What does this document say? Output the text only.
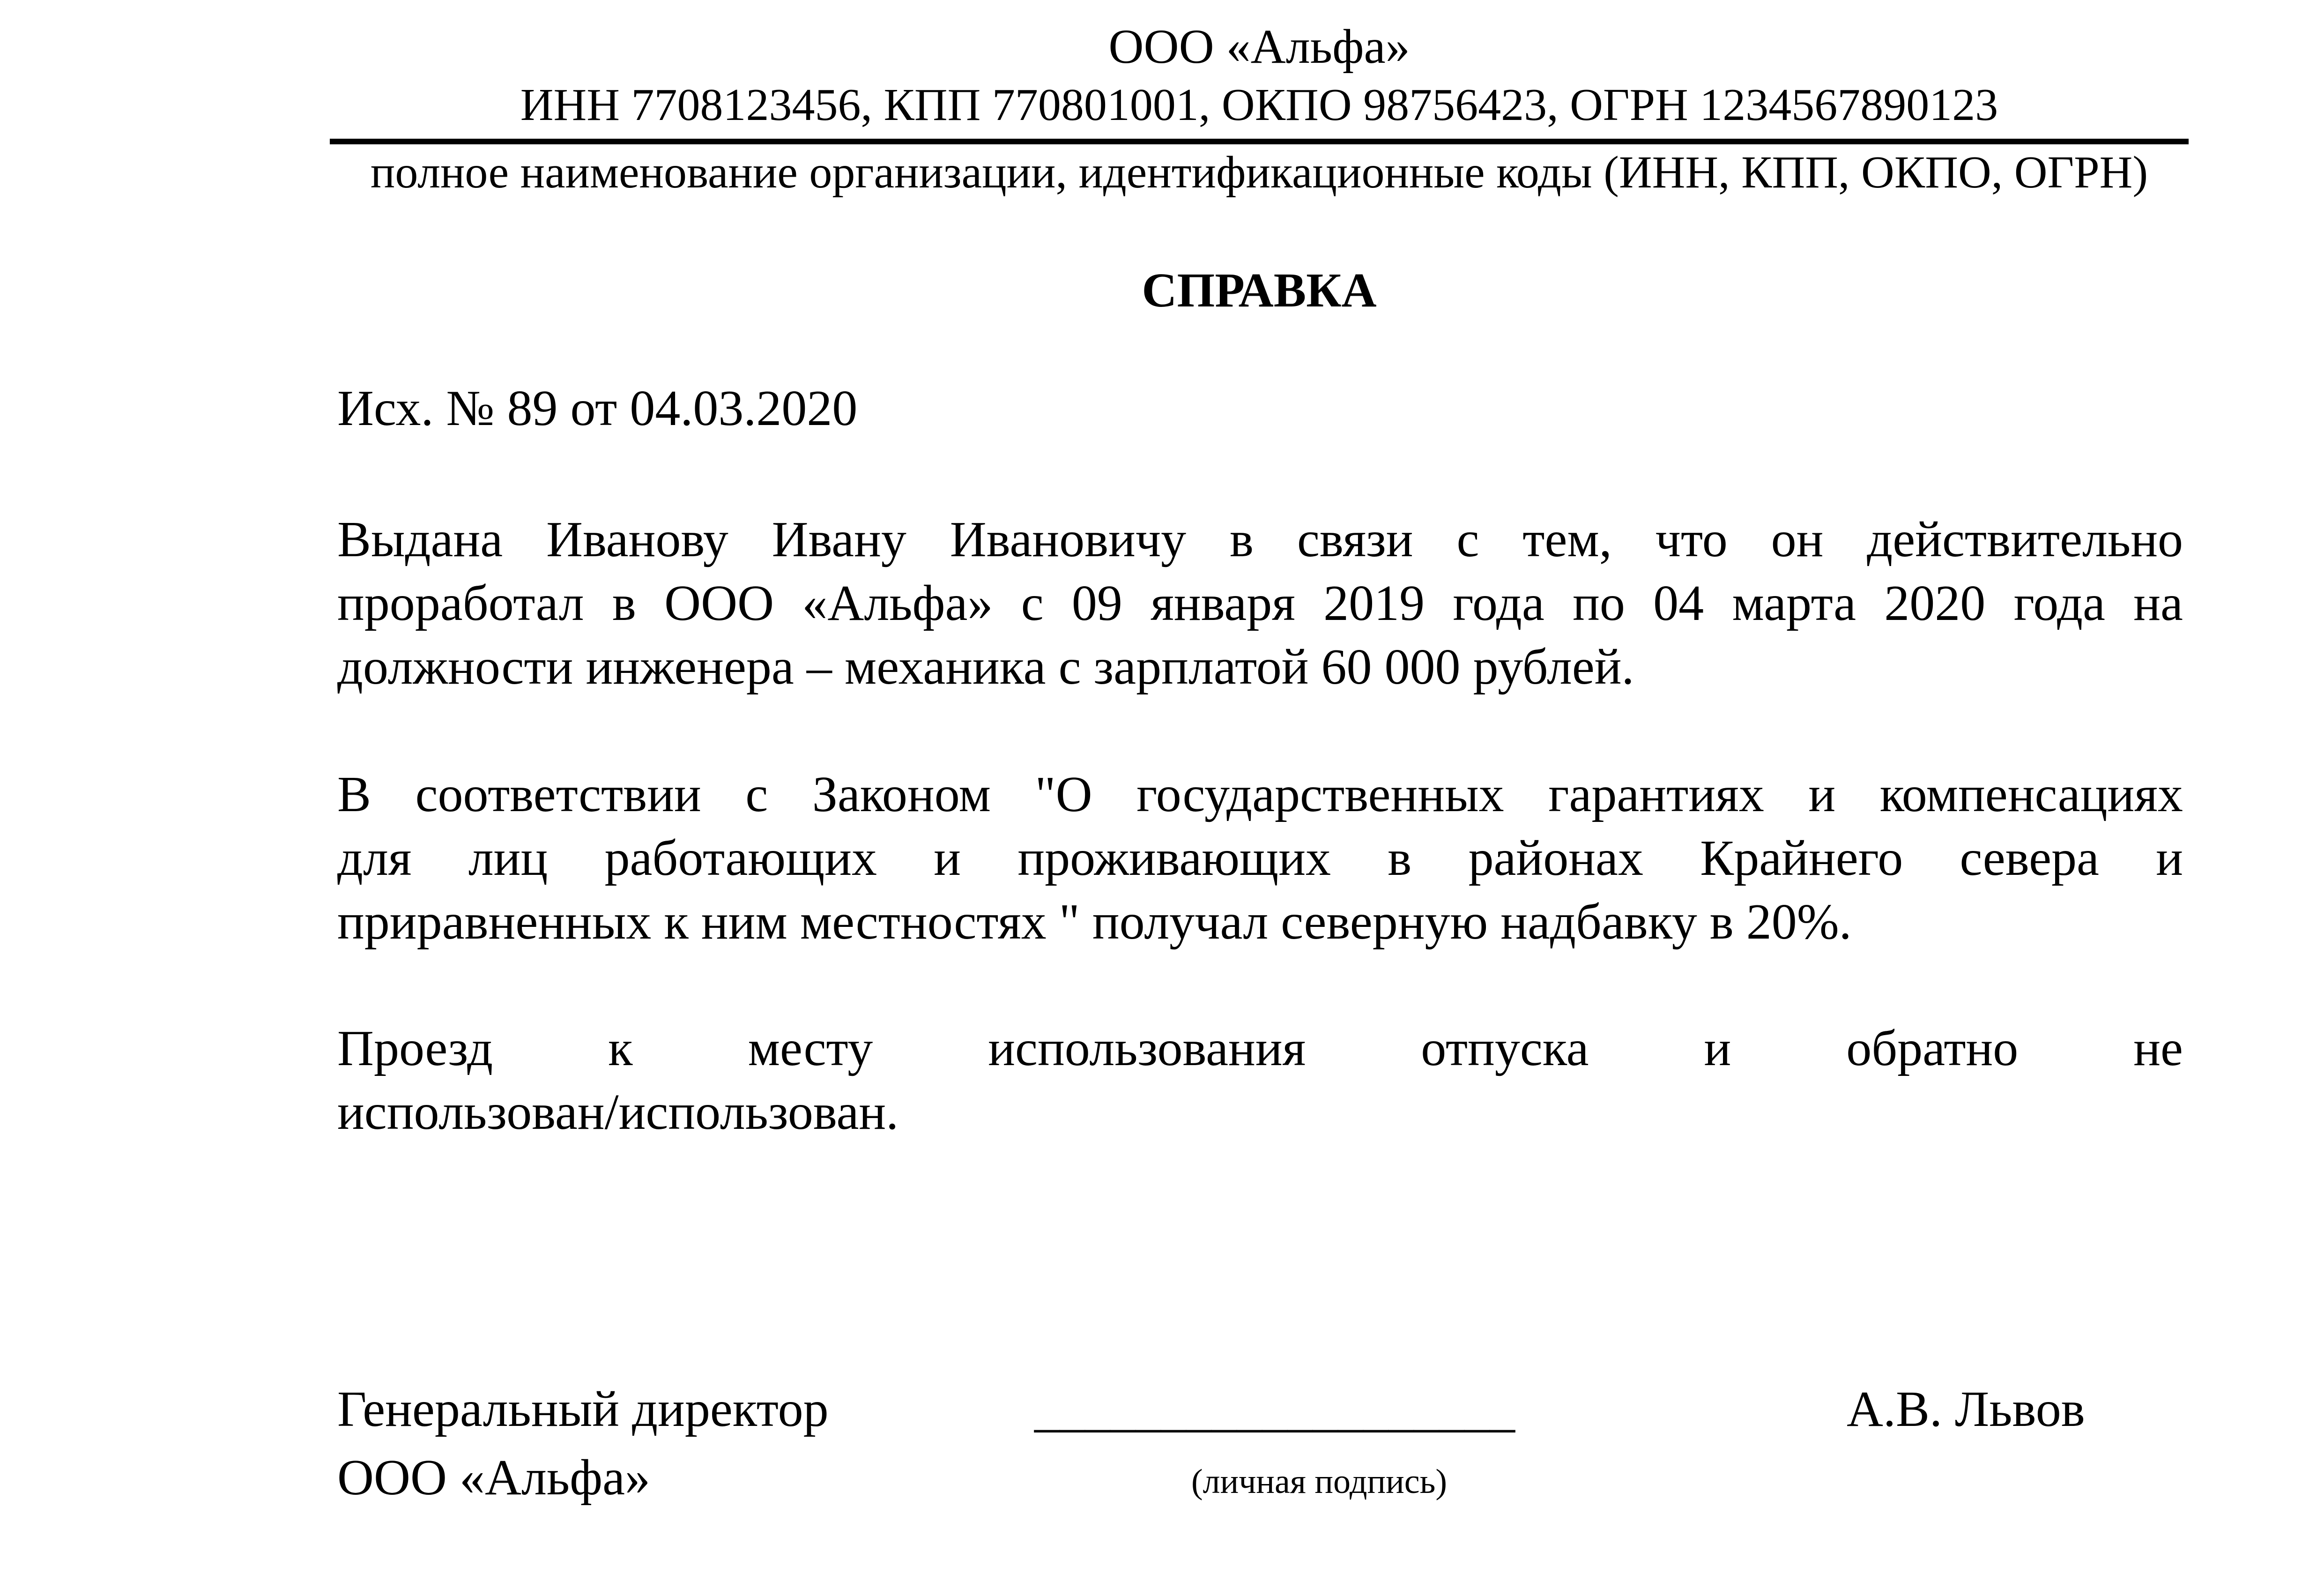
ООО «Альфа»
ИНН 7708123456, КПП 770801001, ОКПО 98756423, ОГРН 1234567890123
полное наименование организации, идентификационные коды (ИНН, КПП, ОКПО, ОГРН)
СПРАВКА
Исх. № 89 от 04.03.2020
Выдана Иванову Ивану Ивановичу в связи с тем, что он действительно
проработал в ООО «Альфа» с 09 января 2019 года по 04 марта 2020 года на
должности инженера – механика с зарплатой 60 000 рублей.
В соответствии с Законом "О государственных гарантиях и компенсациях
для лиц работающих и проживающих в районах Крайнего севера и
приравненных к ним местностях " получал северную надбавку в 20%.
Проезд к месту использования отпуска и обратно не
использован/использован.
Генеральный директор
ООО «Альфа»
___________________
(личная подпись)
А.В. Львов
